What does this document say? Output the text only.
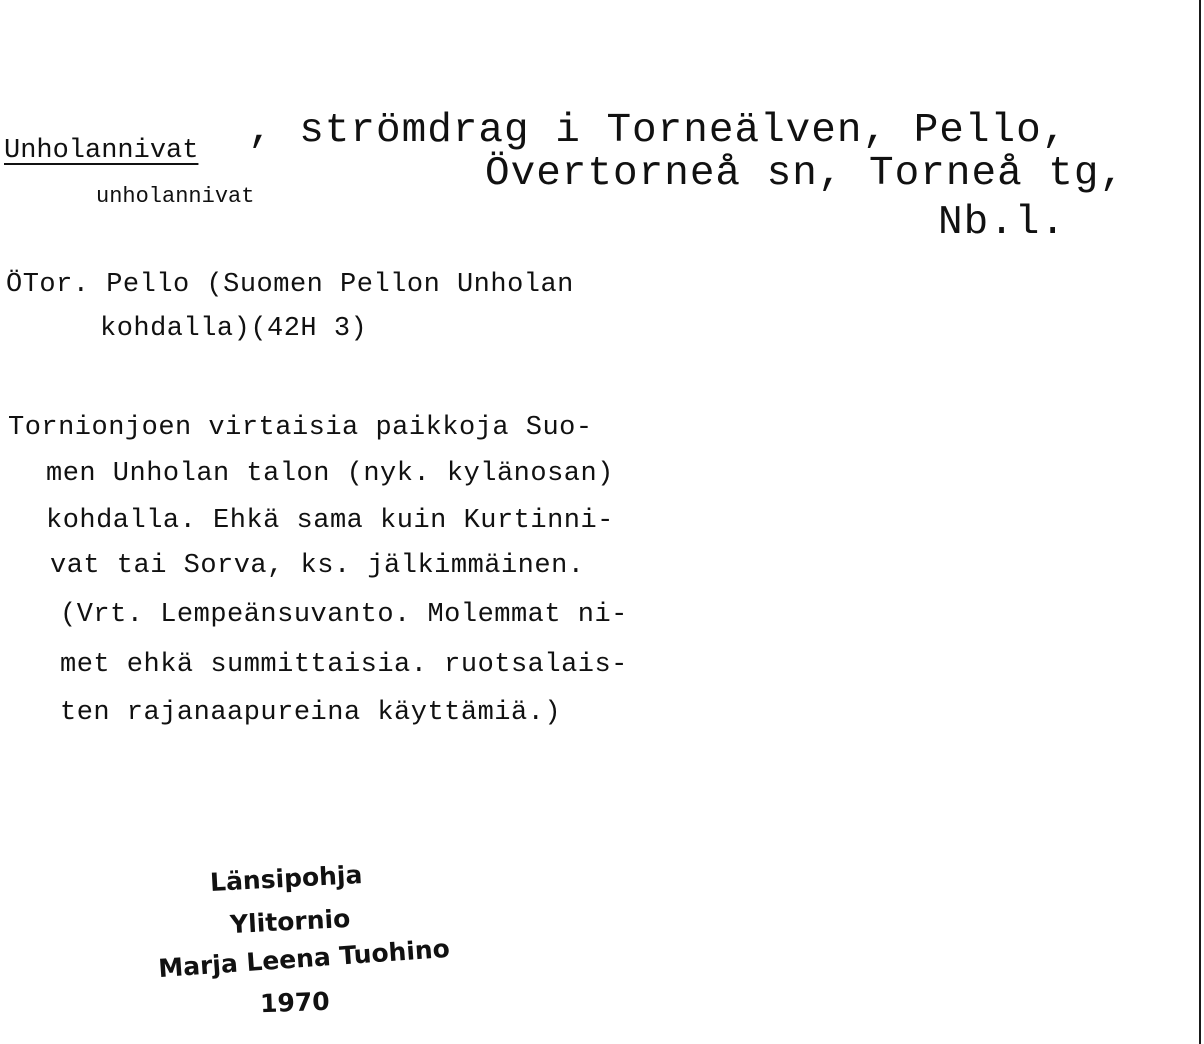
Unholannivat , strömdrag i Torneälven, Pello,
unholannivat	Övertorneå sn, Torneå tg,
Nb.l.
ÖTor. Pello (Suomen Pellon Unholan
kohdalla)(42H 3)
Tornionjoen virtaisia paikkoja Suo-
men Unholan talon (nyk. kylänosan)
kohdalla. Ehkä sama kuin Kurtinni-
vat tai Sorva, ks. jälkimmäinen.
(Vrt. Lempeänsuvanto. Molemmat ni-
met ehkä summittaisia. ruotsalais-
ten rajanaapureina käyttämiä.)
Länsipohja
Ylitornio
Marja Leena Tuohino
1970
